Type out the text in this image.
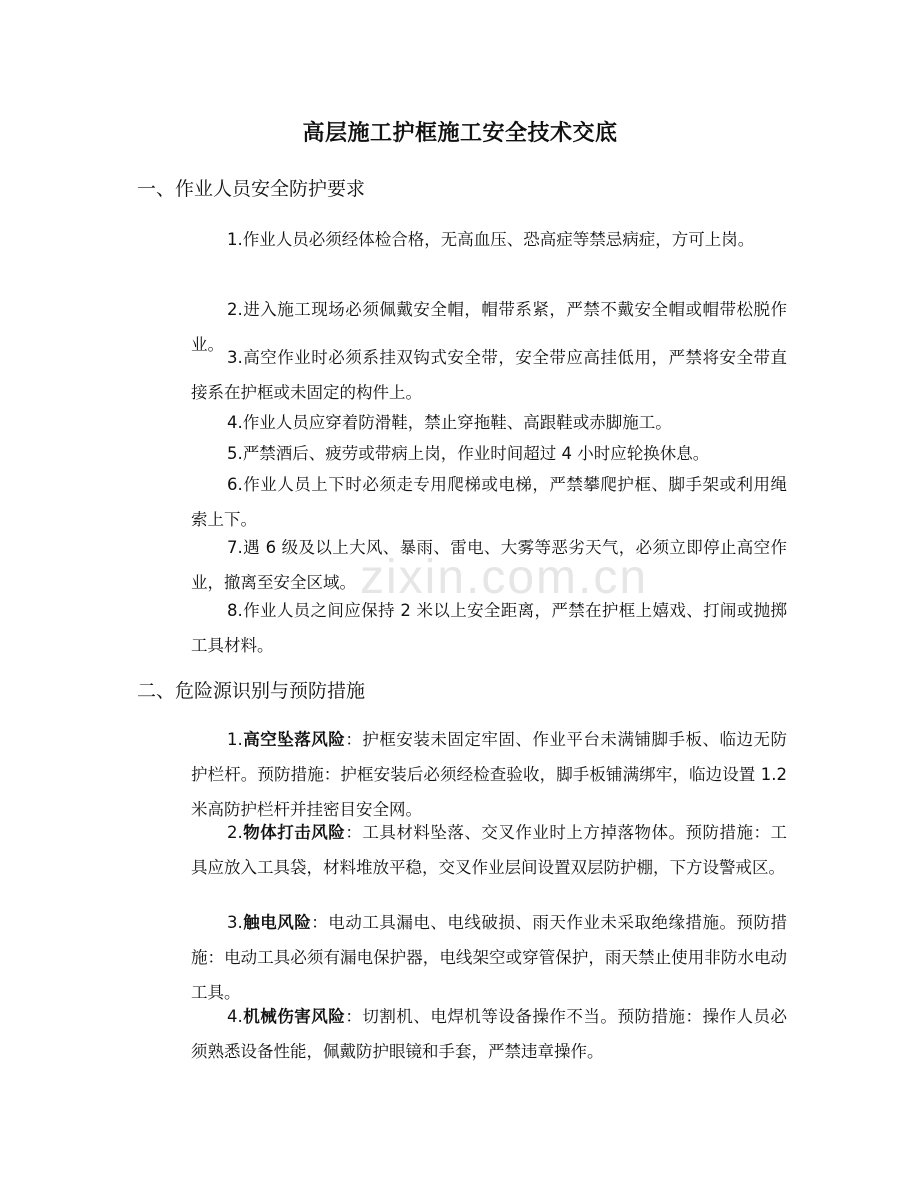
zixin.com.cn
高层施工护框施工安全技术交底
一、作业人员安全防护要求
1.作业人员必须经体检合格，无高血压、恐高症等禁忌病症，方可上岗。
2.进入施工现场必须佩戴安全帽，帽带系紧，严禁不戴安全帽或帽带松脱作业。
3.高空作业时必须系挂双钩式安全带，安全带应高挂低用，严禁将安全带直接系在护框或未固定的构件上。
4.作业人员应穿着防滑鞋，禁止穿拖鞋、高跟鞋或赤脚施工。
5.严禁酒后、疲劳或带病上岗，作业时间超过 4 小时应轮换休息。
6.作业人员上下时必须走专用爬梯或电梯，严禁攀爬护框、脚手架或利用绳索上下。
7.遇 6 级及以上大风、暴雨、雷电、大雾等恶劣天气，必须立即停止高空作业，撤离至安全区域。
8.作业人员之间应保持 2 米以上安全距离，严禁在护框上嬉戏、打闹或抛掷工具材料。
二、危险源识别与预防措施
1.高空坠落风险：护框安装未固定牢固、作业平台未满铺脚手板、临边无防护栏杆。预防措施：护框安装后必须经检查验收，脚手板铺满绑牢，临边设置 1.2 米高防护栏杆并挂密目安全网。
2.物体打击风险：工具材料坠落、交叉作业时上方掉落物体。预防措施：工具应放入工具袋，材料堆放平稳，交叉作业层间设置双层防护棚，下方设警戒区。
3.触电风险：电动工具漏电、电线破损、雨天作业未采取绝缘措施。预防措施：电动工具必须有漏电保护器，电线架空或穿管保护，雨天禁止使用非防水电动工具。
4.机械伤害风险：切割机、电焊机等设备操作不当。预防措施：操作人员必须熟悉设备性能，佩戴防护眼镜和手套，严禁违章操作。
